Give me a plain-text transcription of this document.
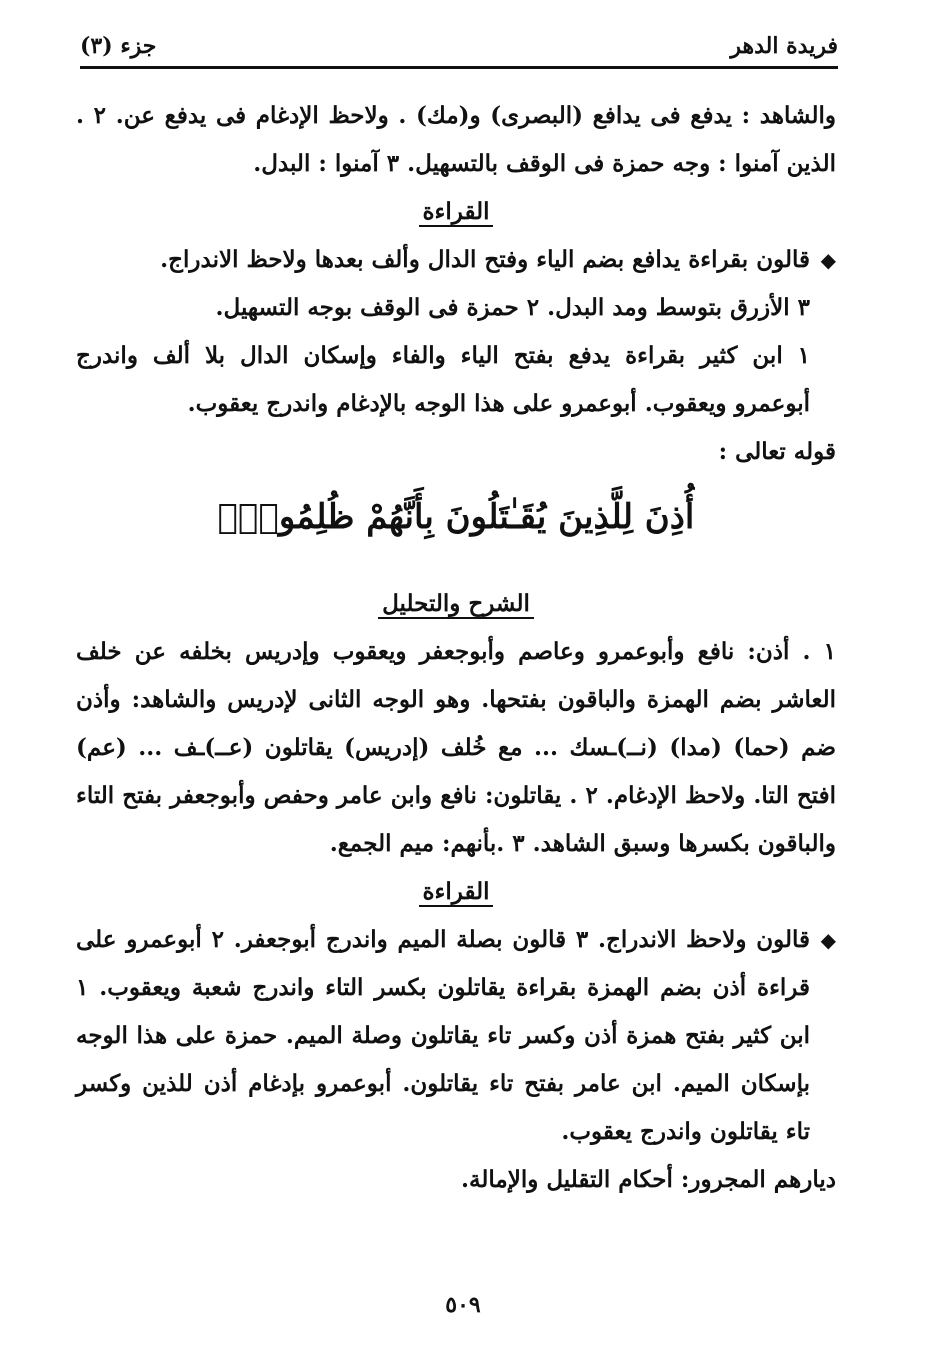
فريدة الدهر
جزء (٣)

والشاهد : يدفع فى يدافع (البصرى) و(مك) . ولاحظ الإدغام فى يدفع عن. ٢ . الذين آمنوا : وجه حمزة فى الوقف بالتسهيل. ٣ آمنوا : البدل.

القراءة

◆

قالون بقراءة يدافع بضم الياء وفتح الدال وألف بعدها ولاحظ الاندراج.

٣ الأزرق بتوسط ومد البدل. ٢ حمزة فى الوقف بوجه التسهيل.

١ ابن كثير بقراءة يدفع بفتح الياء والفاء وإسكان الدال بلا ألف واندرج أبوعمرو ويعقوب. أبوعمرو على هذا الوجه بالإدغام واندرج يعقوب.

قوله تعالى :

أُذِنَ لِلَّذِينَ يُقَـٰتَلُونَ بِأَنَّهُمْ ظُلِمُوا۟ۚ

الشرح والتحليل

١ . أذن: نافع وأبوعمرو وعاصم وأبوجعفر ويعقوب وإدريس بخلفه عن خلف العاشر بضم الهمزة والباقون بفتحها. وهو الوجه الثانى لإدريس والشاهد: وأذن ضم (حما) (مدا) (نــ)ـسك ... مع خُلف (إدريس) يقاتلون (عــ)ـف ... (عم) افتح التا. ولاحظ الإدغام. ٢ . يقاتلون: نافع وابن عامر وحفص وأبوجعفر بفتح التاء والباقون بكسرها وسبق الشاهد. ٣ .بأنهم: ميم الجمع.

القراءة

◆

قالون ولاحظ الاندراج. ٣ قالون بصلة الميم واندرج أبوجعفر. ٢ أبوعمرو على قراءة أذن بضم الهمزة بقراءة يقاتلون بكسر التاء واندرج شعبة ويعقوب. ١ ابن كثير بفتح همزة أذن وكسر تاء يقاتلون وصلة الميم. حمزة على هذا الوجه بإسكان الميم. ابن عامر بفتح تاء يقاتلون. أبوعمرو بإدغام أذن للذين وكسر تاء يقاتلون واندرج يعقوب.

ديارهم المجرور: أحكام التقليل والإمالة.

٥٠٩
